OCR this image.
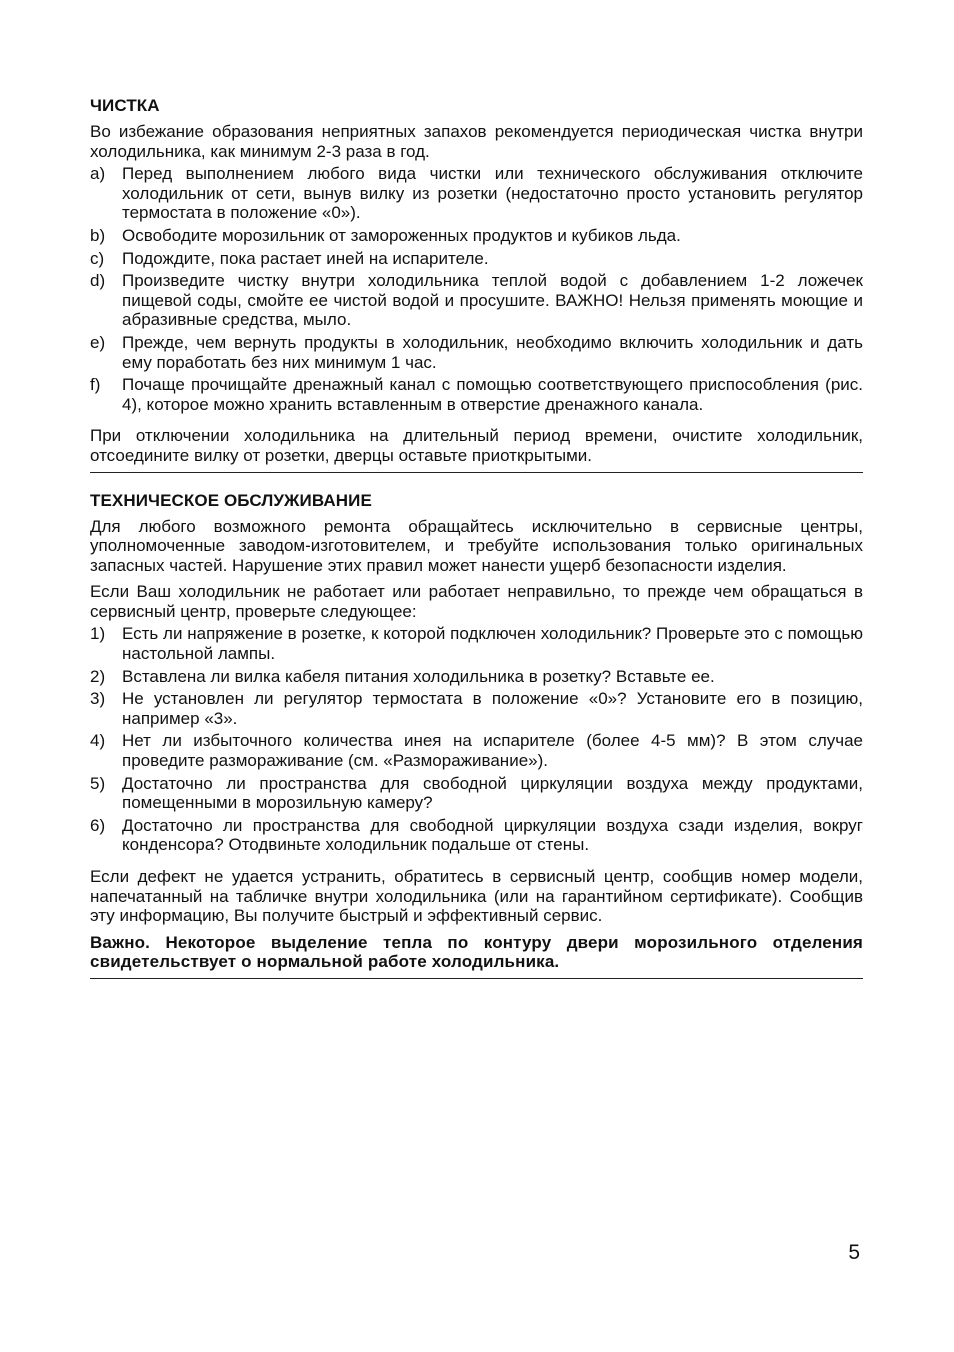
ЧИСТКА

Во избежание образования неприятных запахов рекомендуется периодическая чистка внутри холодильника, как минимум 2-3 раза в год.

a) Перед выполнением любого вида чистки или технического обслуживания отключите холодильник от сети, вынув вилку из розетки (недостаточно просто установить регулятор термостата в положение «0»).
b) Освободите морозильник от замороженных продуктов и кубиков льда.
c)	Подождите, пока растает иней на испарителе.
d) Произведите чистку внутри холодильника теплой водой с добавлением 1-2 ложечек пищевой соды, смойте ее чистой водой и просушите. ВАЖНО! Нельзя применять моющие и абразивные средства, мыло.
e) Прежде, чем вернуть продукты в холодильник, необходимо включить холодильник и дать ему поработать без них минимум 1 час.
f)	Почаще прочищайте дренажный канал с помощью соответствующего приспособления (рис. 4), которое можно хранить вставленным в отверстие дренажного канала.

При отключении холодильника на длительный период времени, очистите холодильник, отсоедините вилку от розетки, дверцы оставьте приоткрытыми.

ТЕХНИЧЕСКОЕ ОБСЛУЖИВАНИЕ

Для любого возможного ремонта обращайтесь исключительно в сервисные центры, уполномоченные заводом-изготовителем, и требуйте использования только оригинальных запасных частей. Нарушение этих правил может нанести ущерб безопасности изделия.

Если Ваш холодильник не работает или работает неправильно, то прежде чем обращаться в сервисный центр, проверьте следующее:

1) Есть ли напряжение в розетке, к которой подключен холодильник? Проверьте это с помощью настольной лампы.
2) Вставлена ли вилка кабеля питания холодильника в розетку? Вставьте ее.
3) Не установлен ли регулятор термостата в положение «0»? Установите его в позицию, например «3».
4) Нет ли избыточного количества инея на испарителе (более 4-5 мм)? В этом случае проведите размораживание (см. «Размораживание»).
5) Достаточно ли пространства для свободной циркуляции воздуха между продуктами, помещенными в морозильную камеру?
6) Достаточно ли пространства для свободной циркуляции воздуха сзади изделия, вокруг конденсора? Отодвиньте холодильник подальше от стены.

Если дефект не удается устранить, обратитесь в сервисный центр, сообщив номер модели, напечатанный на табличке внутри холодильника (или на гарантийном сертификате). Сообщив эту информацию, Вы получите быстрый и эффективный сервис.

Важно. Некоторое выделение тепла по контуру двери морозильного отделения свидетельствует о нормальной работе холодильника.

5
